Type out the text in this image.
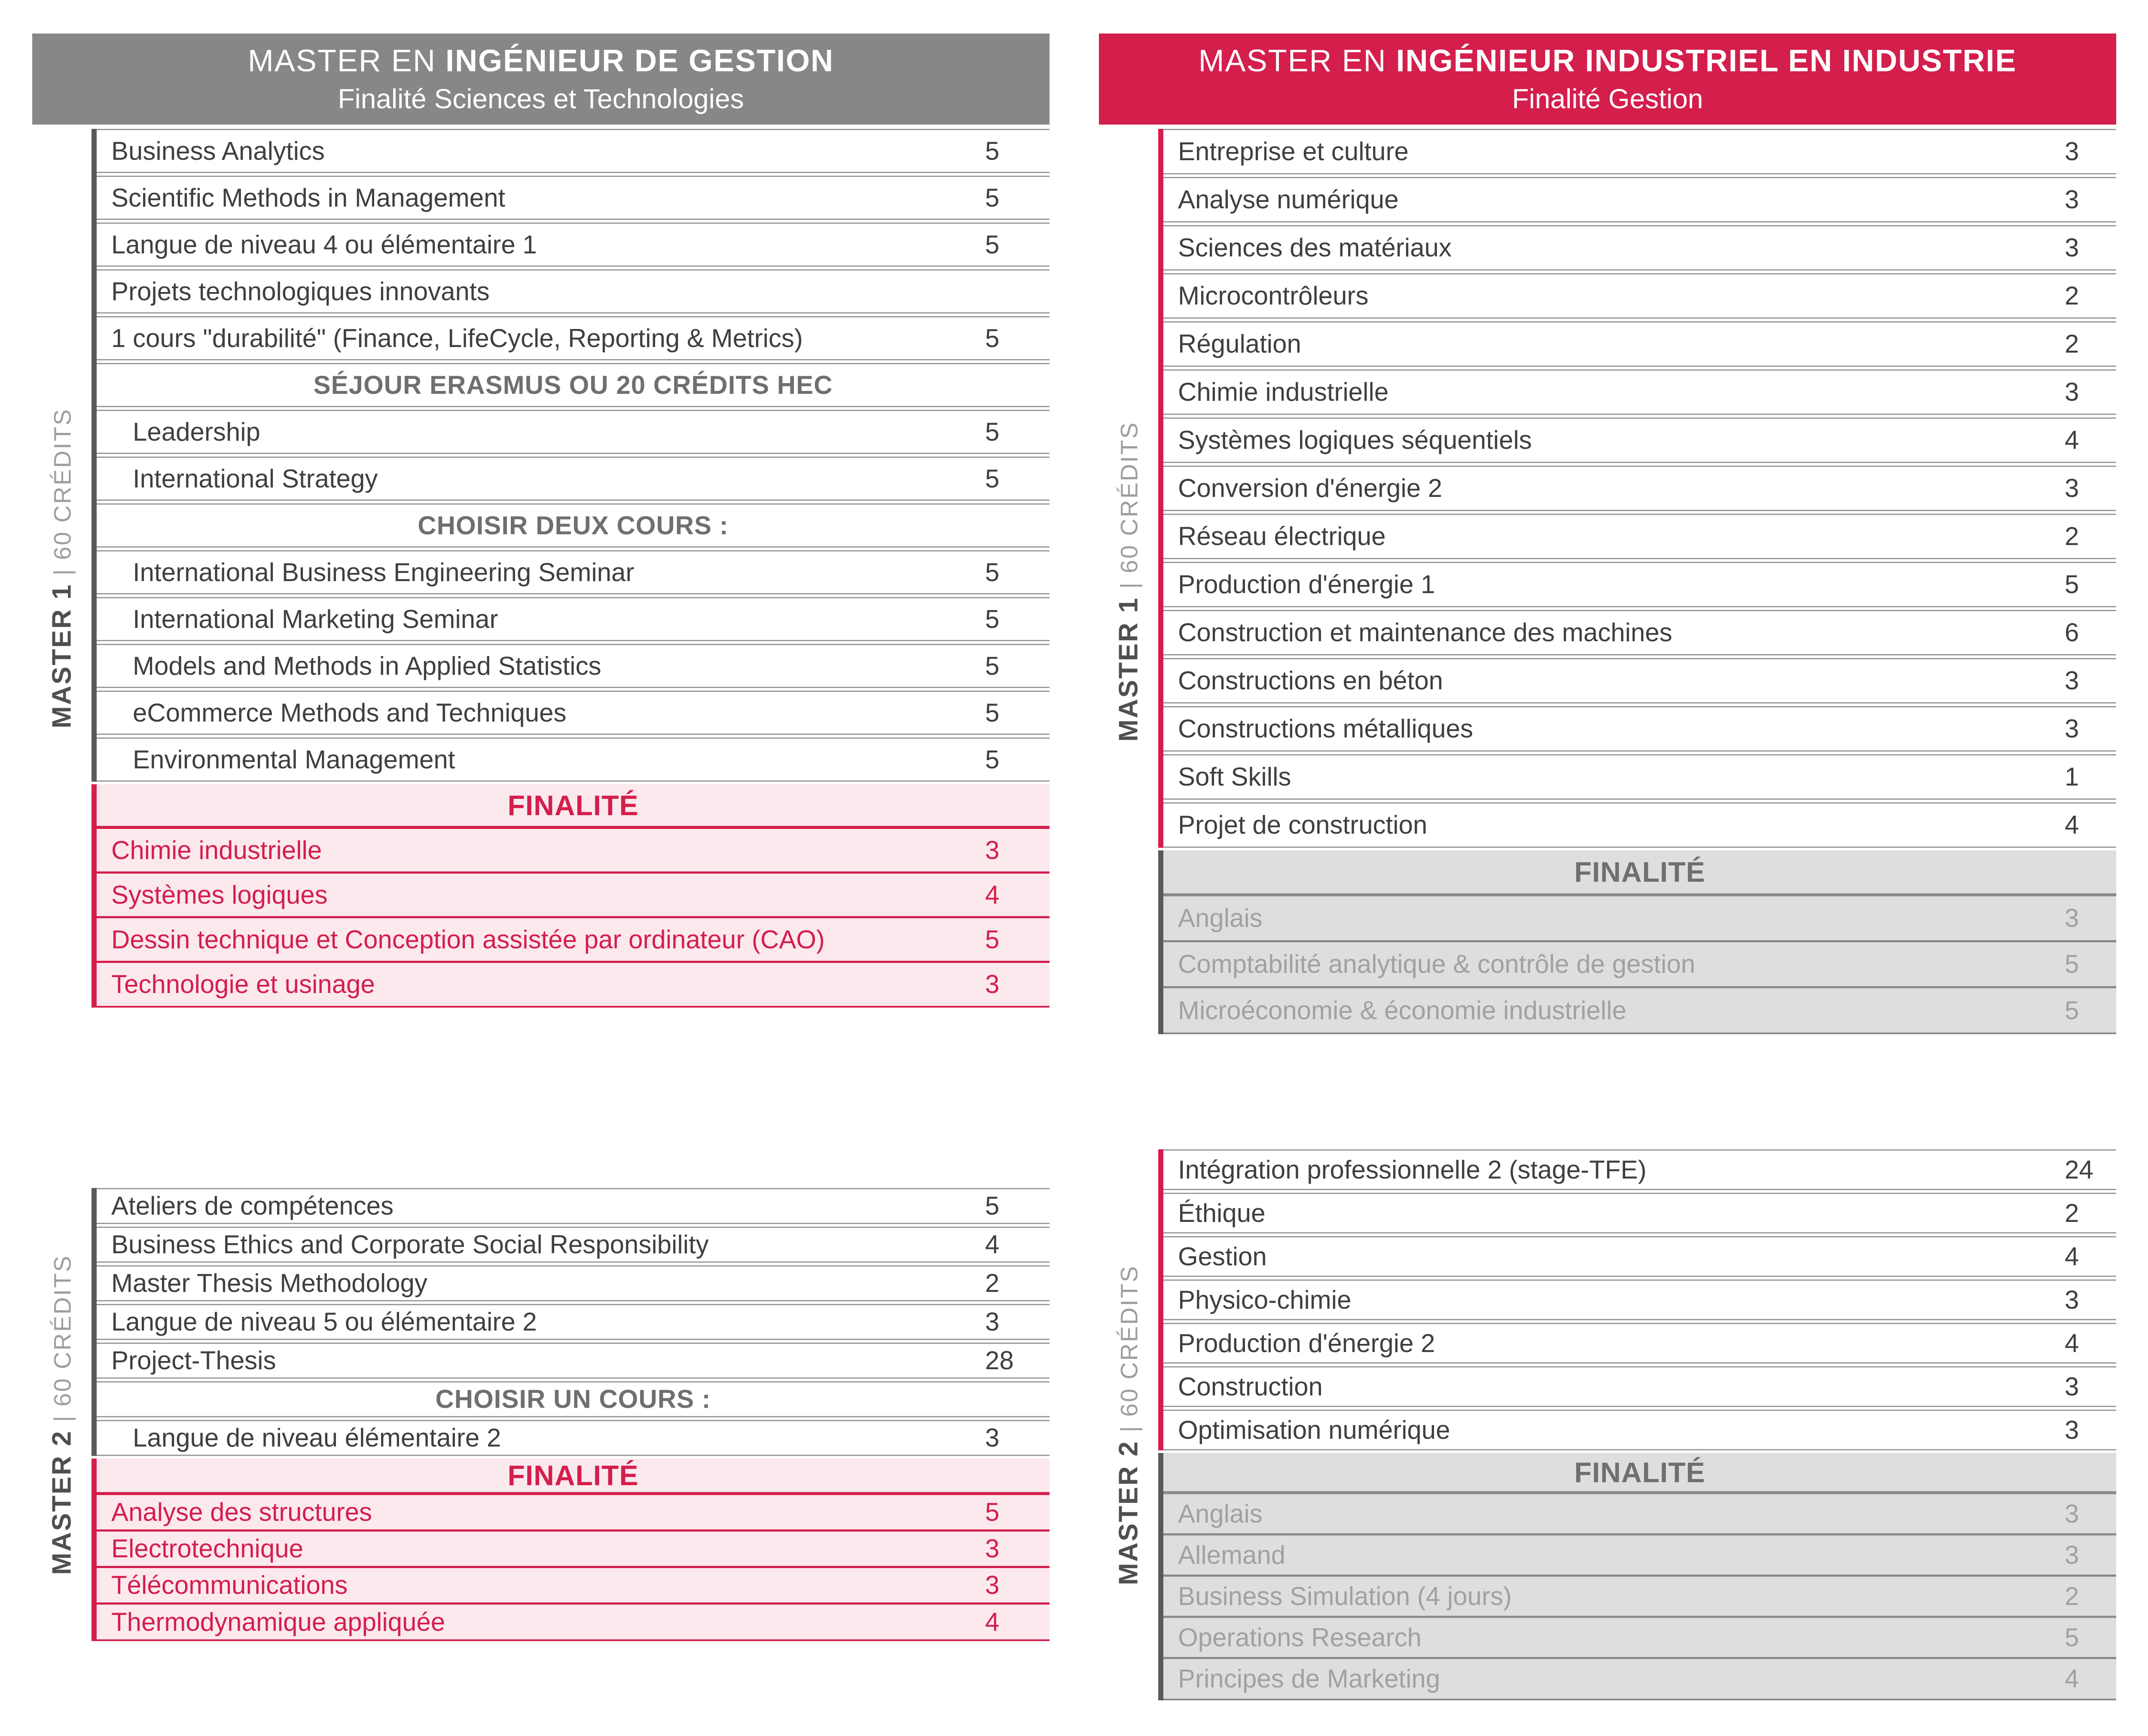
MASTER EN INGÉNIEUR DE GESTION
Finalité Sciences et Technologies
MASTER 1 | 60 CRÉDITS
Business Analytics	5
Scientific Methods in Management	5
Langue de niveau 4 ou élémentaire 1	5
Projets technologiques innovants
1 cours "durabilité" (Finance, LifeCycle, Reporting & Metrics)	5
SÉJOUR ERASMUS OU 20 CRÉDITS HEC
Leadership	5
International Strategy	5
CHOISIR DEUX COURS :
International Business Engineering Seminar	5
International Marketing Seminar	5
Models and Methods in Applied Statistics	5
eCommerce Methods and Techniques	5
Environmental Management	5
FINALITÉ
Chimie industrielle	3
Systèmes logiques	4
Dessin technique et Conception assistée par ordinateur (CAO)	5
Technologie et usinage	3
MASTER 2 | 60 CRÉDITS
Ateliers de compétences	5
Business Ethics and Corporate Social Responsibility	4
Master Thesis Methodology	2
Langue de niveau 5 ou élémentaire 2	3
Project-Thesis	28
CHOISIR UN COURS :
Langue de niveau élémentaire 2	3
FINALITÉ
Analyse des structures	5
Electrotechnique	3
Télécommunications	3
Thermodynamique appliquée	4
MASTER EN INGÉNIEUR INDUSTRIEL EN INDUSTRIE
Finalité Gestion
MASTER 1 | 60 CRÉDITS
Entreprise et culture	3
Analyse numérique	3
Sciences des matériaux	3
Microcontrôleurs	2
Régulation	2
Chimie industrielle	3
Systèmes logiques séquentiels	4
Conversion d'énergie 2	3
Réseau électrique	2
Production d'énergie 1	5
Construction et maintenance des machines	6
Constructions en béton	3
Constructions métalliques	3
Soft Skills	1
Projet de construction	4
FINALITÉ
Anglais	3
Comptabilité analytique & contrôle de gestion	5
Microéconomie & économie industrielle	5
MASTER 2 | 60 CRÉDITS
Intégration professionnelle 2 (stage-TFE)	24
Éthique	2
Gestion	4
Physico-chimie	3
Production d'énergie 2	4
Construction	3
Optimisation numérique	3
FINALITÉ
Anglais	3
Allemand	3
Business Simulation (4 jours)	2
Operations Research	5
Principes de Marketing	4
